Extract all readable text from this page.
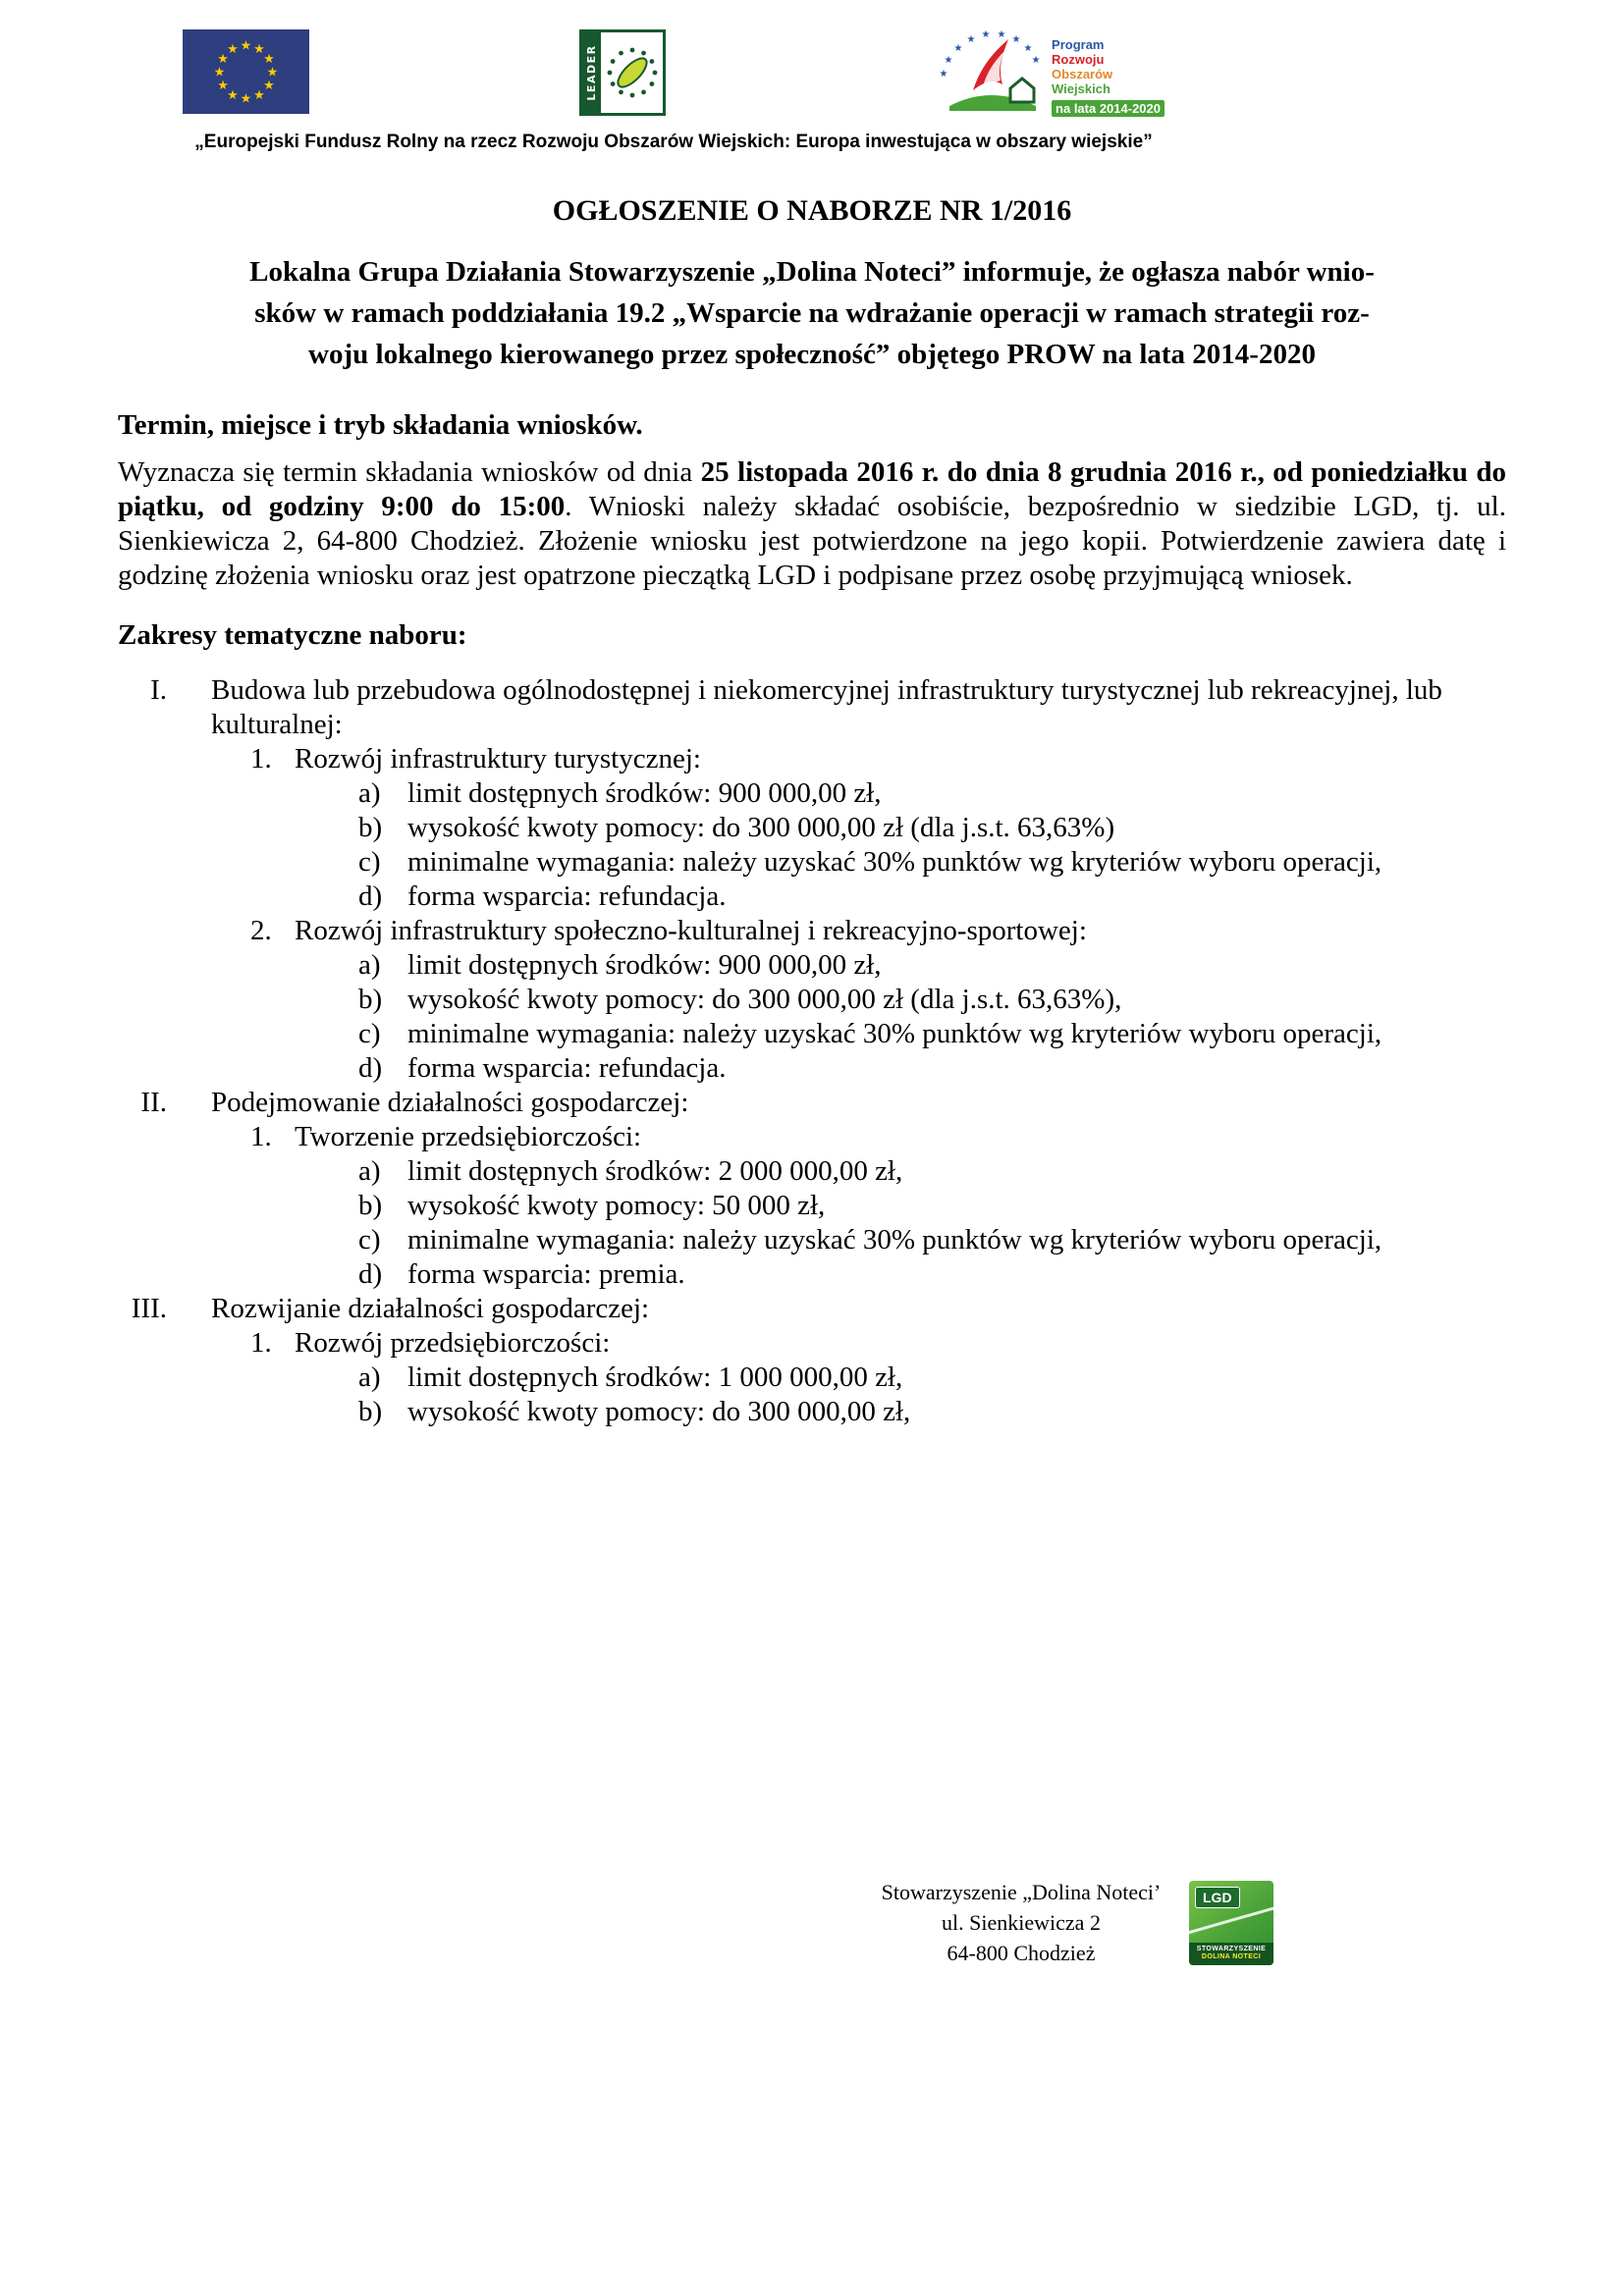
★ ★
★
★
★
★
★
★
★
★
★
★	LEADER	★
★
★
★ ★ ★ ★
★
★
Program
Rozwoju
Obszarów
Wiejskich
na lata 2014-2020
„Europejski Fundusz Rolny na rzecz Rozwoju Obszarów Wiejskich: Europa inwestująca w obszary wiejskie”
OGŁOSZENIE O NABORZE NR 1/2016

Lokalna Grupa Działania Stowarzyszenie „Dolina Noteci” informuje, że ogłasza nabór wnio-
sków w ramach poddziałania 19.2 „Wsparcie na wdrażanie operacji w ramach strategii roz-
woju lokalnego kierowanego przez społeczność” objętego PROW na lata 2014-2020

Termin, miejsce i tryb składania wniosków.

Wyznacza się termin składania wniosków od dnia 25 listopada 2016 r. do dnia 8 grudnia 2016 r., od poniedziałku do piątku, od godziny 9:00 do 15:00. Wnioski należy składać osobiście, bezpośrednio w siedzibie LGD, tj. ul. Sienkiewicza 2, 64-800 Chodzież. Złożenie wniosku jest potwierdzone na jego kopii. Potwierdzenie zawiera datę i godzinę złożenia wniosku oraz jest opatrzone pieczątką LGD i podpisane przez osobę przyjmującą wniosek.

Zakresy tematyczne naboru:
I. Budowa lub przebudowa ogólnodostępnej i niekomercyjnej infrastruktury turystycznej lub rekreacyjnej, lub kulturalnej:
1. Rozwój infrastruktury turystycznej:
a) limit dostępnych środków: 900 000,00 zł,
b) wysokość kwoty pomocy: do 300 000,00 zł (dla j.s.t. 63,63%)
c) minimalne wymagania: należy uzyskać 30% punktów wg kryteriów wyboru operacji,
d) forma wsparcia: refundacja.
2. Rozwój infrastruktury społeczno-kulturalnej i rekreacyjno-sportowej:
a) limit dostępnych środków: 900 000,00 zł,
b) wysokość kwoty pomocy: do 300 000,00 zł (dla j.s.t. 63,63%),
c) minimalne wymagania: należy uzyskać 30% punktów wg kryteriów wyboru operacji,
d) forma wsparcia: refundacja.
II. Podejmowanie działalności gospodarczej:
1. Tworzenie przedsiębiorczości:
a) limit dostępnych środków: 2 000 000,00 zł,
b) wysokość kwoty pomocy: 50 000 zł,
c) minimalne wymagania: należy uzyskać 30% punktów wg kryteriów wyboru operacji,
d) forma wsparcia: premia.
III. Rozwijanie działalności gospodarczej:
1. Rozwój przedsiębiorczości:
a) limit dostępnych środków: 1 000 000,00 zł,
b) wysokość kwoty pomocy: do 300 000,00 zł,
Stowarzyszenie „Dolina Noteci’
ul. Sienkiewicza 2
64-800 Chodzież
LGD
STOWARZYSZENIE
DOLINA NOTECI
